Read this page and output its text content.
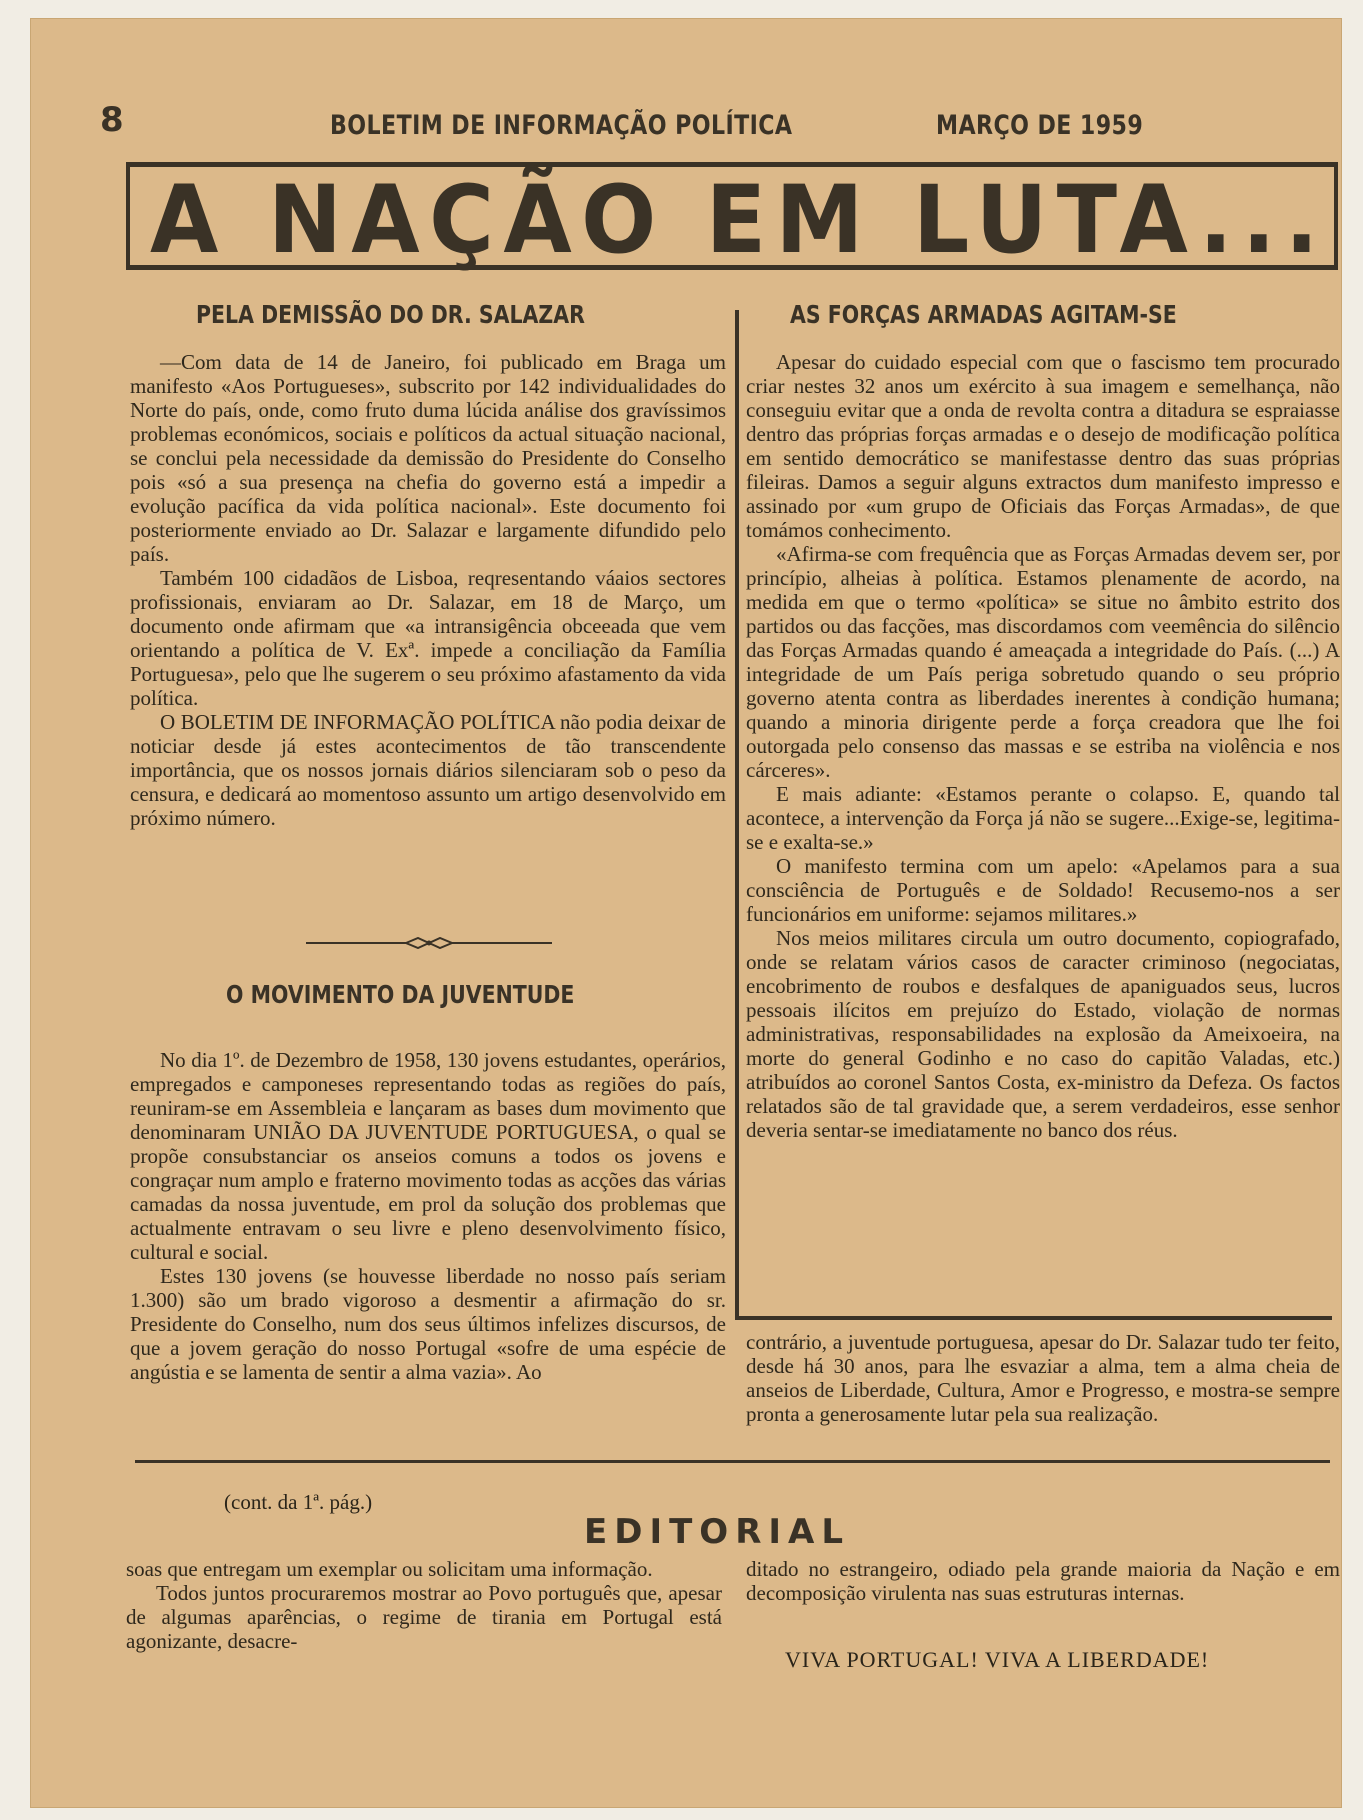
8	BOLETIM DE INFORMAÇÃO POLÍTICA	MARÇO DE 1959
A NAÇÃO EM LUTA...
PELA DEMISSÃO DO DR. SALAZAR

—Com data de 14 de Janeiro, foi publicado em Braga um manifesto «Aos Portugueses», subscrito por 142 individualidades do Norte do país, onde, como fruto duma lúcida análise dos gravíssimos problemas económicos, sociais e políticos da actual situação nacional, se conclui pela necessidade da demissão do Presidente do Conselho pois «só a sua presença na chefia do governo está a impedir a evolução pacífica da vida política nacional». Este documento foi posteriormente enviado ao Dr. Salazar e largamente difundido pelo país.

Também 100 cidadãos de Lisboa, reqresentando váaios sectores profissionais, enviaram ao Dr. Salazar, em 18 de Março, um documento onde afirmam que «a intransigência obceeada que vem orientando a política de V. Exª. impede a conciliação da Família Portuguesa», pelo que lhe sugerem o seu próximo afastamento da vida política.

O BOLETIM DE INFORMAÇÃO POLÍTICA não podia deixar de noticiar desde já estes acontecimentos de tão transcendente importância, que os nossos jornais diários silenciaram sob o peso da censura, e dedicará ao momentoso assunto um artigo desenvolvido em próximo número.

O MOVIMENTO DA JUVENTUDE

No dia 1º. de Dezembro de 1958, 130 jovens estudantes, operários, empregados e camponeses representando todas as regiões do país, reuniram-se em Assembleia e lançaram as bases dum movimento que denominaram UNIÃO DA JUVENTUDE PORTUGUESA, o qual se propõe consubstanciar os anseios comuns a todos os jovens e congraçar num amplo e fraterno movimento todas as acções das várias camadas da nossa juventude, em prol da solução dos problemas que actualmente entravam o seu livre e pleno desenvolvimento físico, cultural e social.

Estes 130 jovens (se houvesse liberdade no nosso país seriam 1.300) são um brado vigoroso a desmentir a afirmação do sr. Presidente do Conselho, num dos seus últimos infelizes discursos, de que a jovem geração do nosso Portugal «sofre de uma espécie de angústia e se lamenta de sentir a alma vazia». Ao

AS FORÇAS ARMADAS AGITAM-SE

Apesar do cuidado especial com que o fascismo tem procurado criar nestes 32 anos um exército à sua imagem e semelhança, não conseguiu evitar que a onda de revolta contra a ditadura se espraiasse dentro das próprias forças armadas e o desejo de modificação política em sentido democrático se manifestasse dentro das suas próprias fileiras. Damos a seguir alguns extractos dum manifesto impresso e assinado por «um grupo de Oficiais das Forças Armadas», de que tomámos conhecimento.

«Afirma-se com frequência que as Forças Armadas devem ser, por princípio, alheias à política. Estamos plenamente de acordo, na medida em que o termo «política» se situe no âmbito estrito dos partidos ou das facções, mas discordamos com veemência do silêncio das Forças Armadas quando é ameaçada a integridade do País. (...) A integridade de um País periga sobretudo quando o seu próprio governo atenta contra as liberdades inerentes à condição humana; quando a minoria dirigente perde a força creadora que lhe foi outorgada pelo consenso das massas e se estriba na violência e nos cárceres».

E mais adiante: «Estamos perante o colapso. E, quando tal acontece, a intervenção da Força já não se sugere...Exige-se, legitima-se e exalta-se.»

O manifesto termina com um apelo: «Apelamos para a sua consciência de Português e de Soldado! Recusemo-nos a ser funcionários em uniforme: sejamos militares.»

Nos meios militares circula um outro documento, copiografado, onde se relatam vários casos de caracter criminoso (negociatas, encobrimento de roubos e desfalques de apaniguados seus, lucros pessoais ilícitos em prejuízo do Estado, violação de normas administrativas, responsabilidades na explosão da Ameixoeira, na morte do general Godinho e no caso do capitão Valadas, etc.) atribuídos ao coronel Santos Costa, ex-ministro da Defeza. Os factos relatados são de tal gravidade que, a serem verdadeiros, esse senhor deveria sentar-se imediatamente no banco dos réus.

contrário, a juventude portuguesa, apesar do Dr. Salazar tudo ter feito, desde há 30 anos, para lhe esvaziar a alma, tem a alma cheia de anseios de Liberdade, Cultura, Amor e Progresso, e mostra-se sempre pronta a generosamente lutar pela sua realização.

(cont. da 1ª. pág.)
EDITORIAL

soas que entregam um exemplar ou solicitam uma informação.

Todos juntos procuraremos mostrar ao Povo português que, apesar de algumas aparências, o regime de tirania em Portugal está agonizante, desacre-

ditado no estrangeiro, odiado pela grande maioria da Nação e em decomposição virulenta nas suas estruturas internas.

VIVA PORTUGAL! VIVA A LIBERDADE!
